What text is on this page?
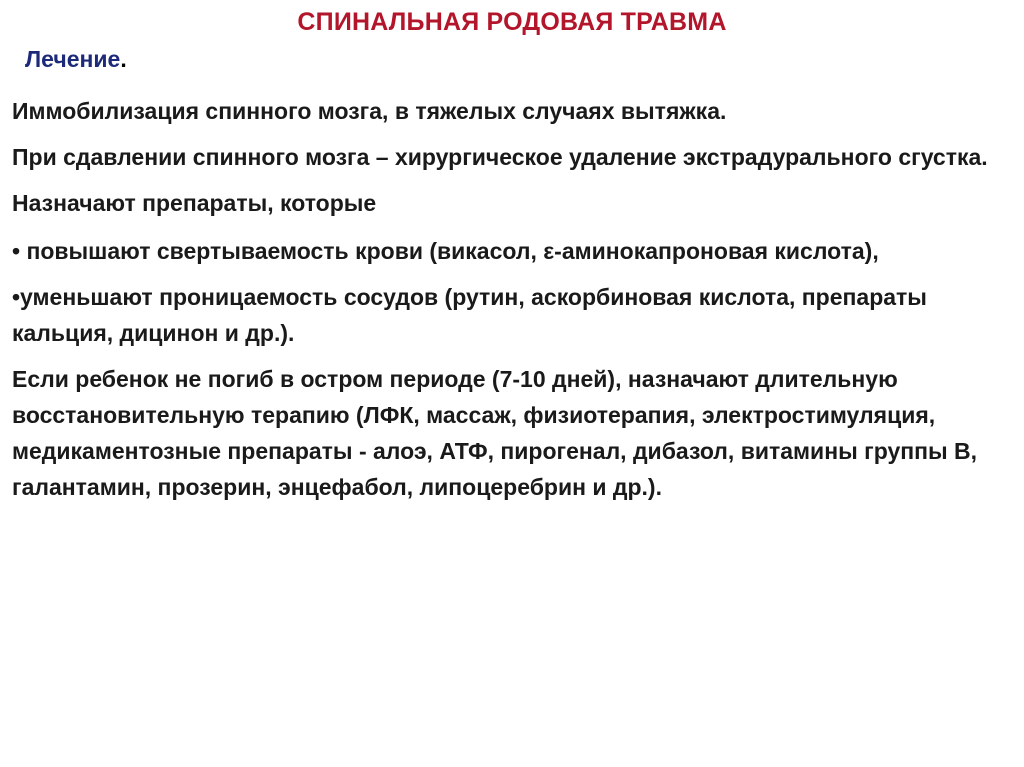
СПИНАЛЬНАЯ РОДОВАЯ ТРАВМА
Лечение.

Иммобилизация спинного мозга, в тяжелых случаях вытяжка.

При сдавлении спинного мозга – хирургическое удаление экстрадурального сгустка.

Назначают препараты, которые

• повышают свертываемость крови (викасол, ε-аминокапроновая кислота),

•уменьшают проницаемость сосудов (рутин, аскорбиновая кислота, препараты кальция, дицинон и др.).

Если ребенок не погиб в остром периоде (7-10 дней), назначают длительную восстановительную терапию (ЛФК, массаж, физиотерапия, электростимуляция, медикаментозные препараты - алоэ, АТФ, пирогенал, дибазол, витамины группы В, галантамин, прозерин, энцефабол, липоцеребрин и др.).
